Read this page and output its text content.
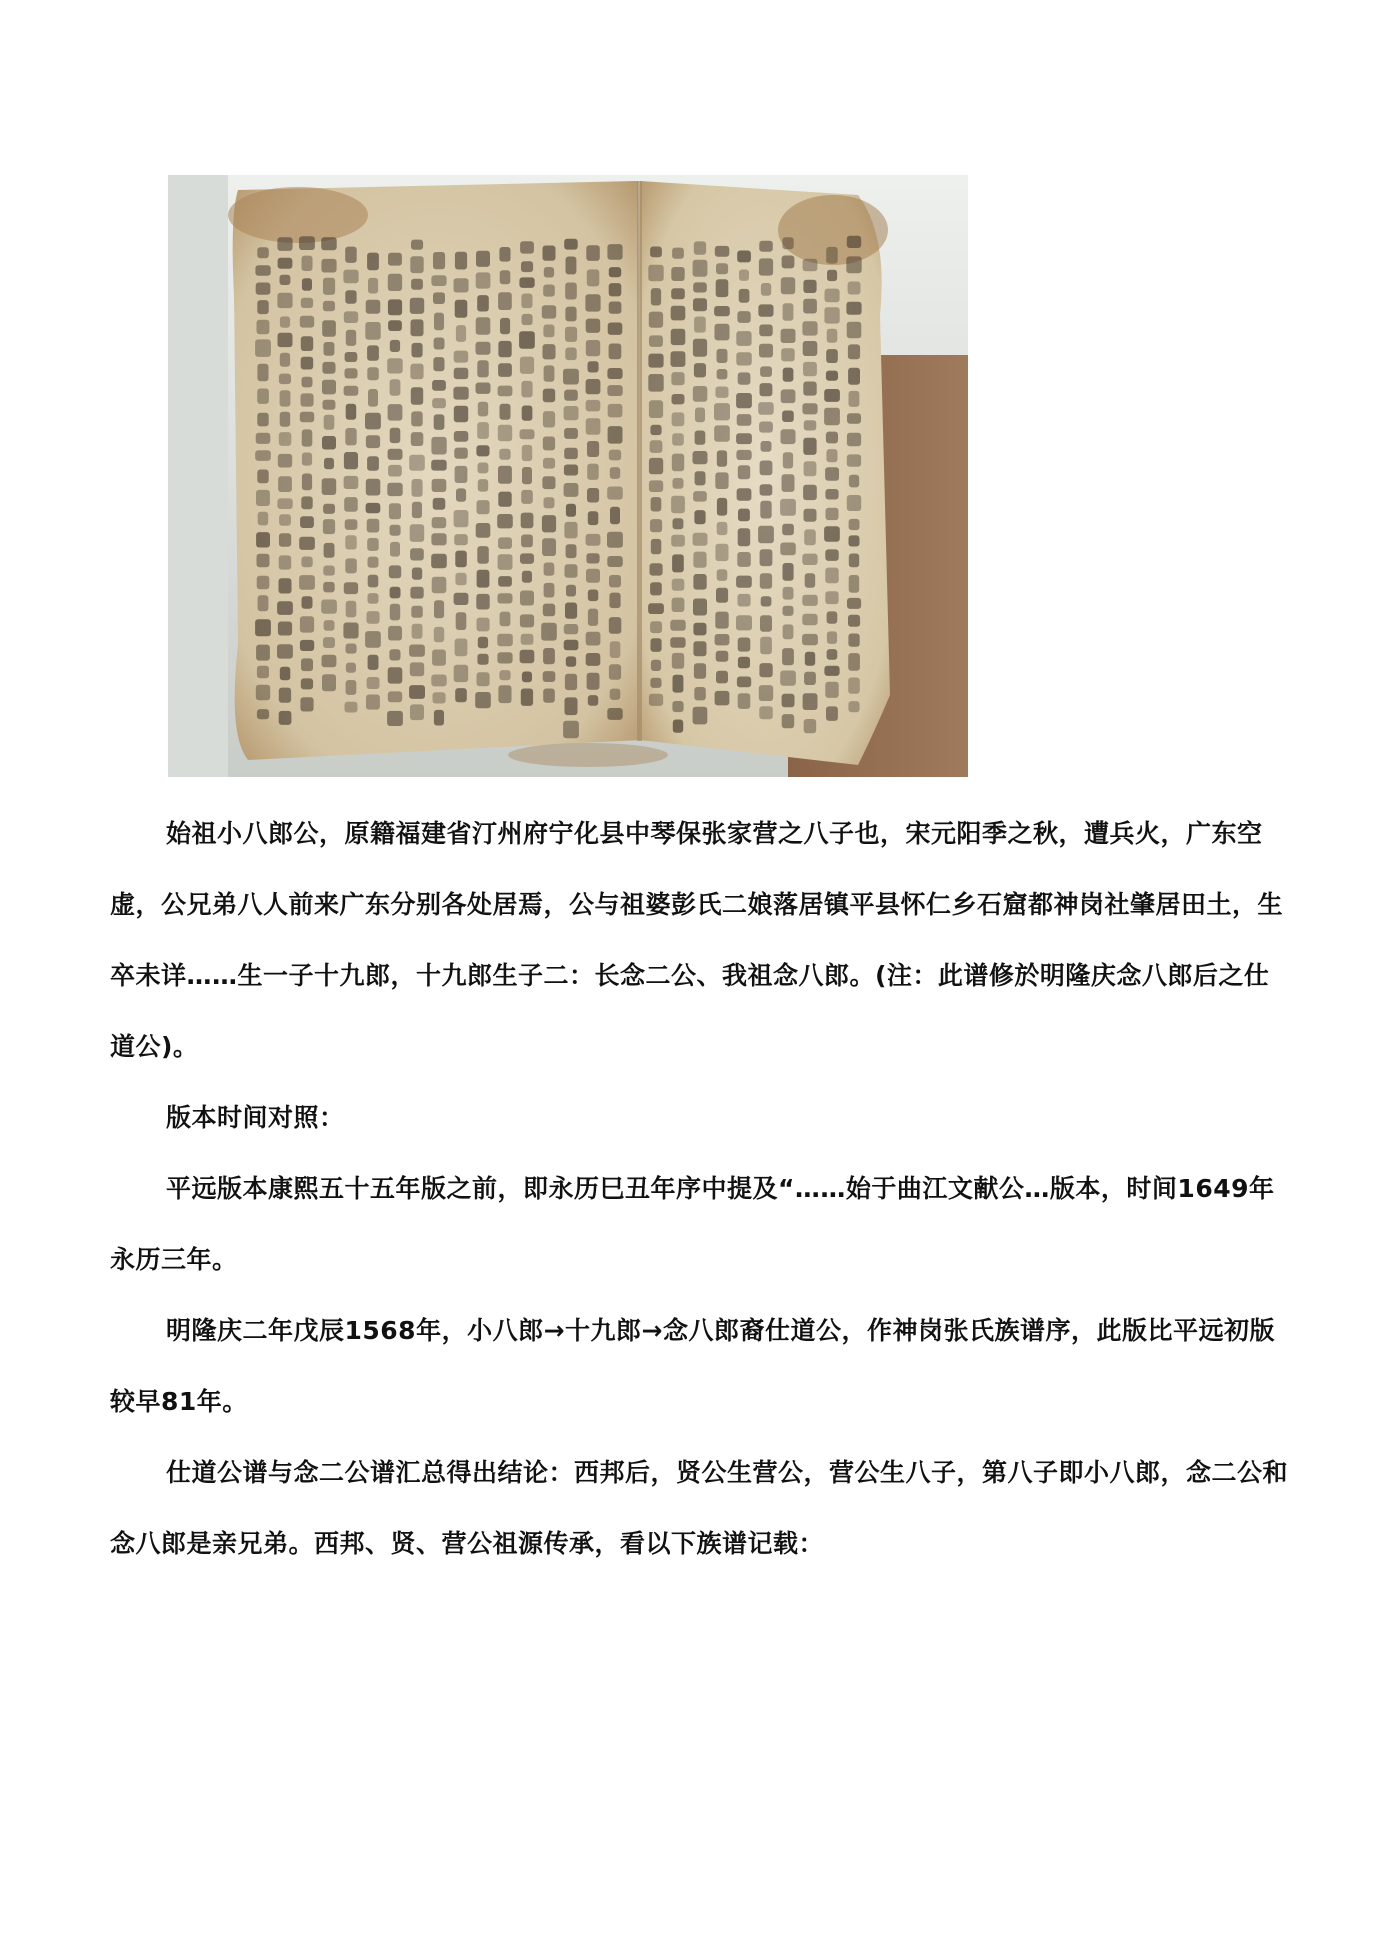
始祖小八郎公，原籍福建省汀州府宁化县中琴保张家营之八子也，宋元阳季之秋，遭兵火，广东空虚，公兄弟八人前来广东分别各处居焉，公与祖婆彭氏二娘落居镇平县怀仁乡石窟都神岗社肇居田土，生卒未详……生一子十九郎，十九郎生子二：长念二公、我祖念八郎。(注：此谱修於明隆庆念八郎后之仕道公)。

版本时间对照：

平远版本康熙五十五年版之前，即永历巳丑年序中提及“……始于曲江文献公…版本，时间1649年永历三年。

明隆庆二年戊辰1568年，小八郎→十九郎→念八郎裔仕道公，作神岗张氏族谱序，此版比平远初版较早81年。

仕道公谱与念二公谱汇总得出结论：西邦后，贤公生营公，营公生八子，第八子即小八郎，念二公和念八郎是亲兄弟。西邦、贤、营公祖源传承，看以下族谱记载：
